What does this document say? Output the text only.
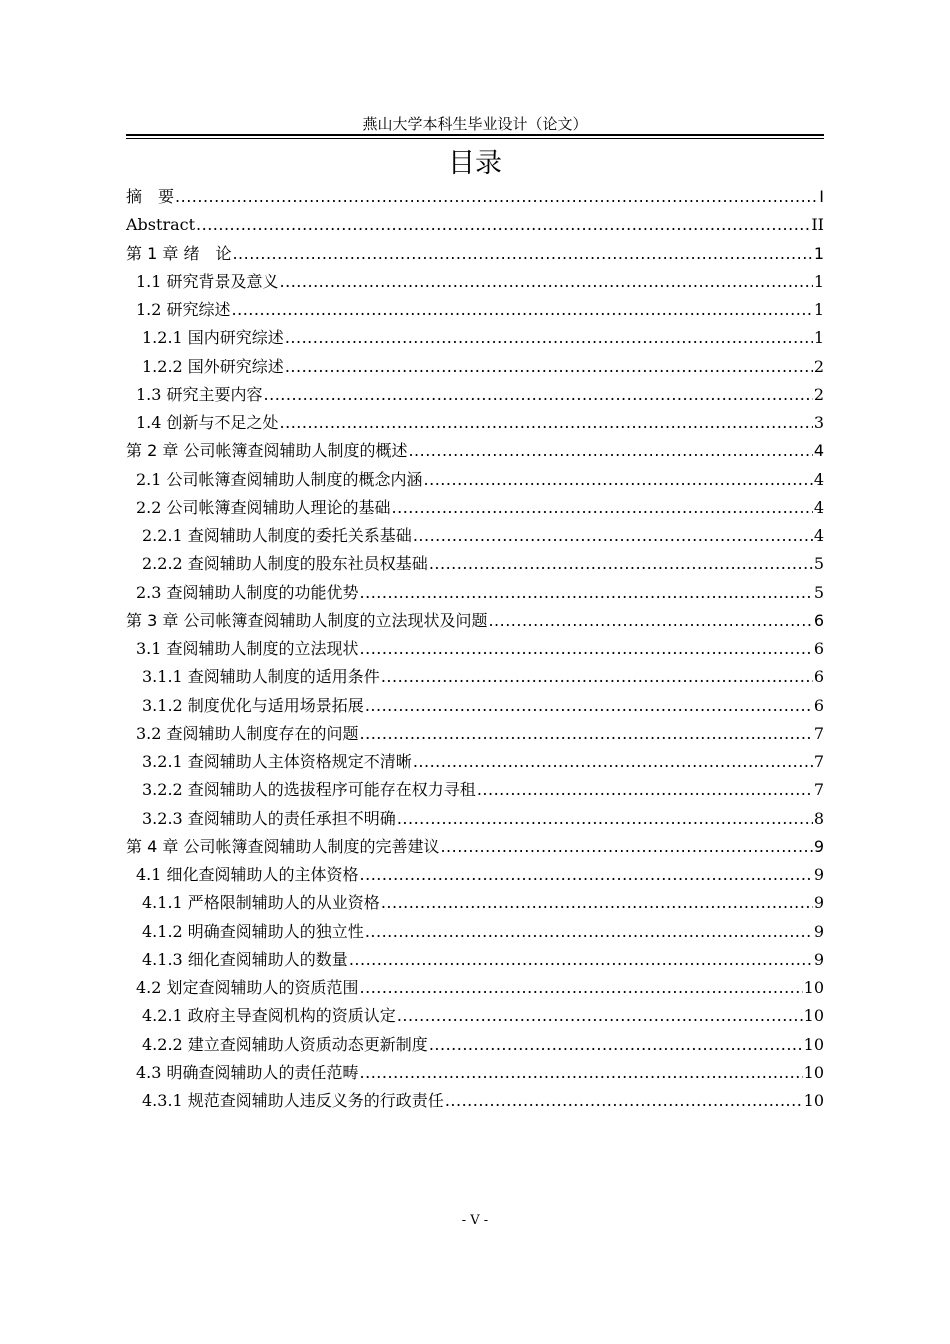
燕山大学本科生毕业设计（论文）
目录
摘　要 .....	I
Abstract .....	II
第 1 章 绪　论 .....	1
1.1 研究背景及意义 .....	1
1.2 研究综述 .....	1
1.2.1 国内研究综述 .....	1
1.2.2 国外研究综述 .....	2
1.3 研究主要内容 .....	2
1.4 创新与不足之处 .....	3
第 2 章 公司帐簿查阅辅助人制度的概述 .....	4
2.1 公司帐簿查阅辅助人制度的概念内涵 .....	4
2.2 公司帐簿查阅辅助人理论的基础 .....	4
2.2.1 查阅辅助人制度的委托关系基础 .....	4
2.2.2 查阅辅助人制度的股东社员权基础 .....	5
2.3 查阅辅助人制度的功能优势 .....	5
第 3 章 公司帐簿查阅辅助人制度的立法现状及问题 .....	6
3.1 查阅辅助人制度的立法现状 .....	6
3.1.1 查阅辅助人制度的适用条件 .....	6
3.1.2 制度优化与适用场景拓展 .....	6
3.2 查阅辅助人制度存在的问题 .....	7
3.2.1 查阅辅助人主体资格规定不清晰 .....	7
3.2.2 查阅辅助人的选拔程序可能存在权力寻租 .....	7
3.2.3 查阅辅助人的责任承担不明确 .....	8
第 4 章 公司帐簿查阅辅助人制度的完善建议 .....	9
4.1 细化查阅辅助人的主体资格 .....	9
4.1.1 严格限制辅助人的从业资格 .....	9
4.1.2 明确查阅辅助人的独立性 .....	9
4.1.3 细化查阅辅助人的数量 .....	9
4.2 划定查阅辅助人的资质范围 .....	10
4.2.1 政府主导查阅机构的资质认定 .....	10
4.2.2 建立查阅辅助人资质动态更新制度 .....	10
4.3 明确查阅辅助人的责任范畴 .....	10
4.3.1 规范查阅辅助人违反义务的行政责任 .....	10
- V -
